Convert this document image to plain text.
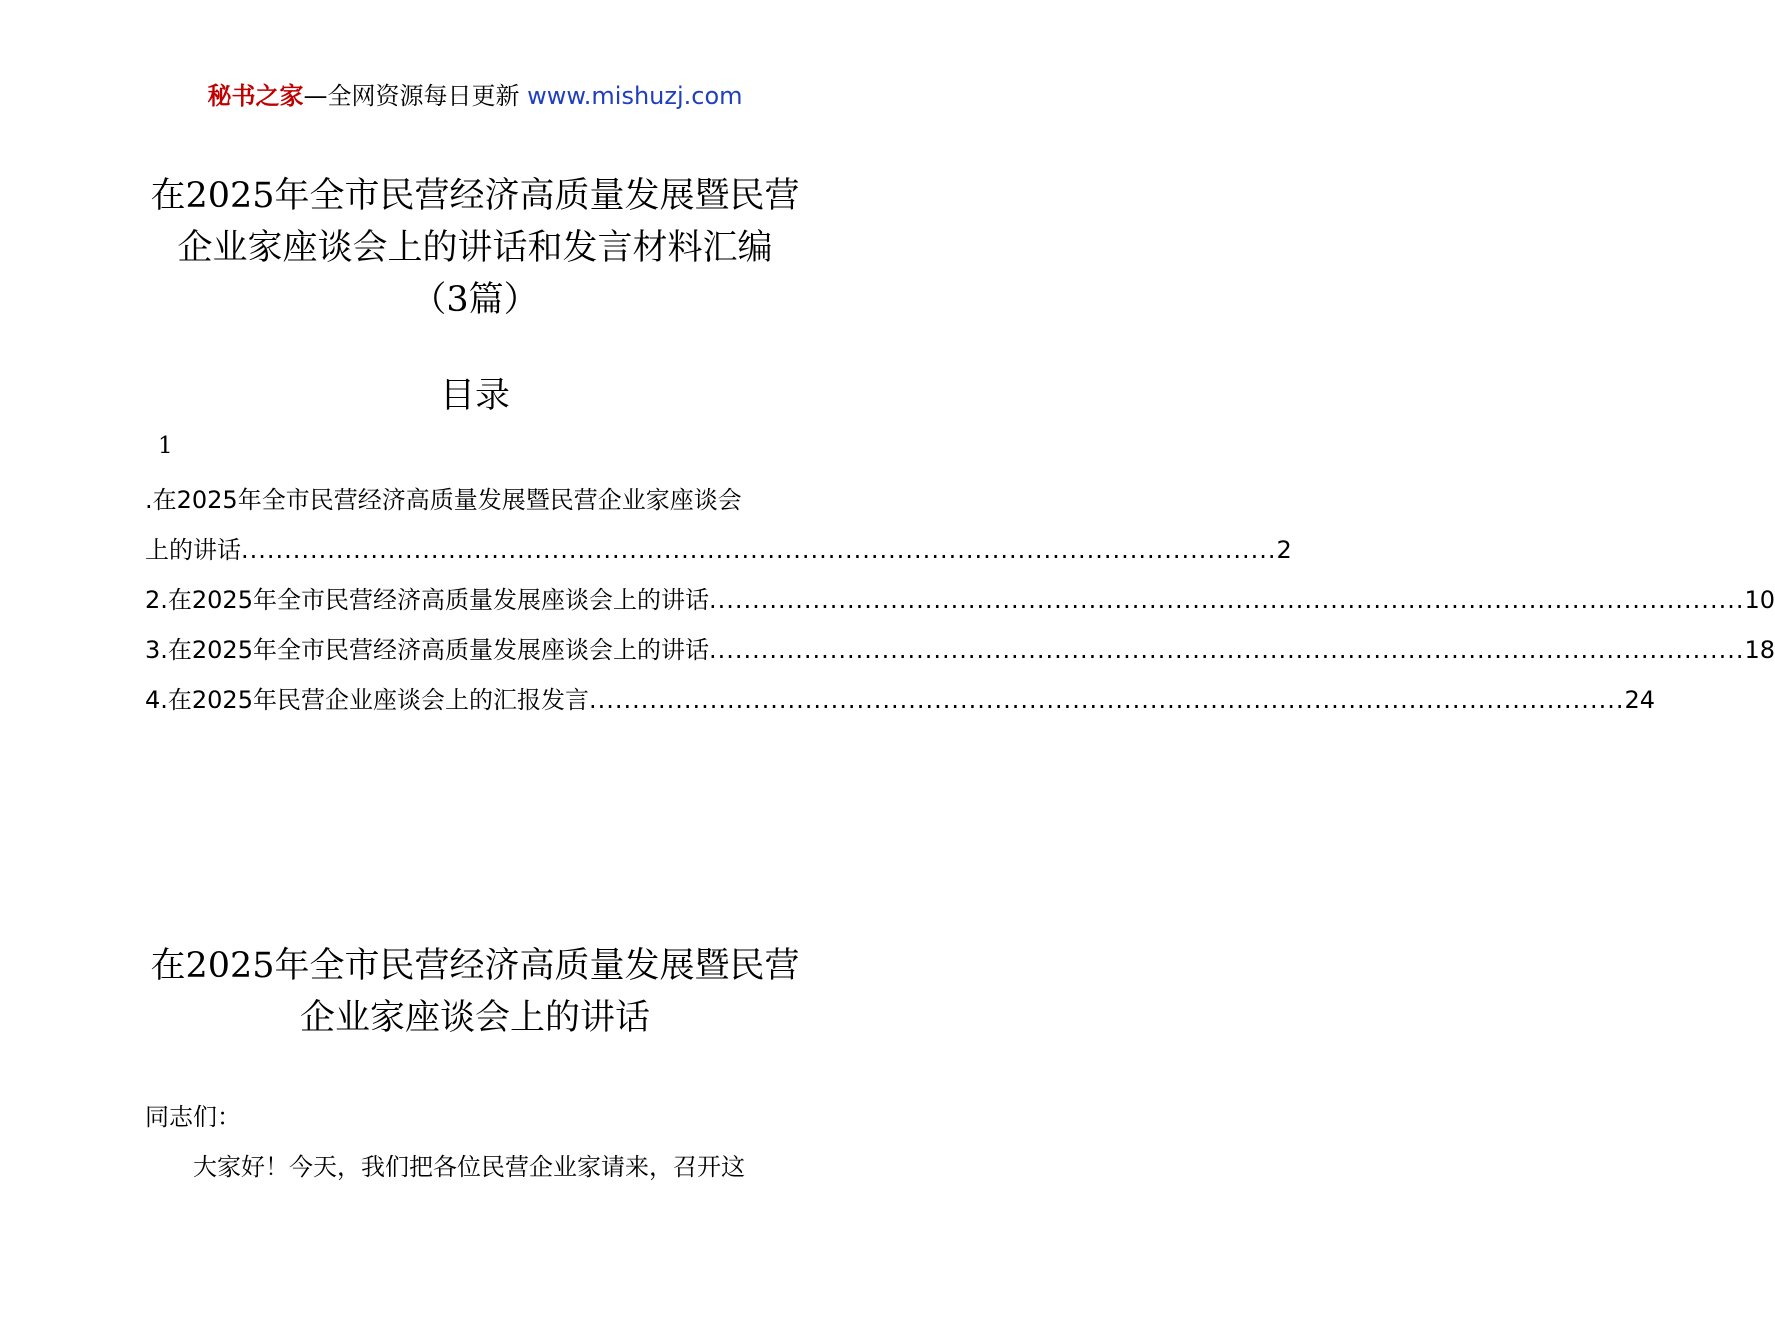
秘书之家—全网资源每日更新 www.mishuzj.com
在2025年全市民营经济高质量发展暨民营
企业家座谈会上的讲话和发言材料汇编
（3篇）
目录
1
.在2025年全市民营经济高质量发展暨民营企业家座谈会
上的讲话 ........................................................................................................................ 2
2.在2025年全市民营经济高质量发展座谈会上的讲话 ........................................................................................................................ 10
3.在2025年全市民营经济高质量发展座谈会上的讲话 ........................................................................................................................ 18
4.在2025年民营企业座谈会上的汇报发言 ........................................................................................................................ 24
在2025年全市民营经济高质量发展暨民营
企业家座谈会上的讲话
同志们：
大家好！今天，我们把各位民营企业家请来，召开这
